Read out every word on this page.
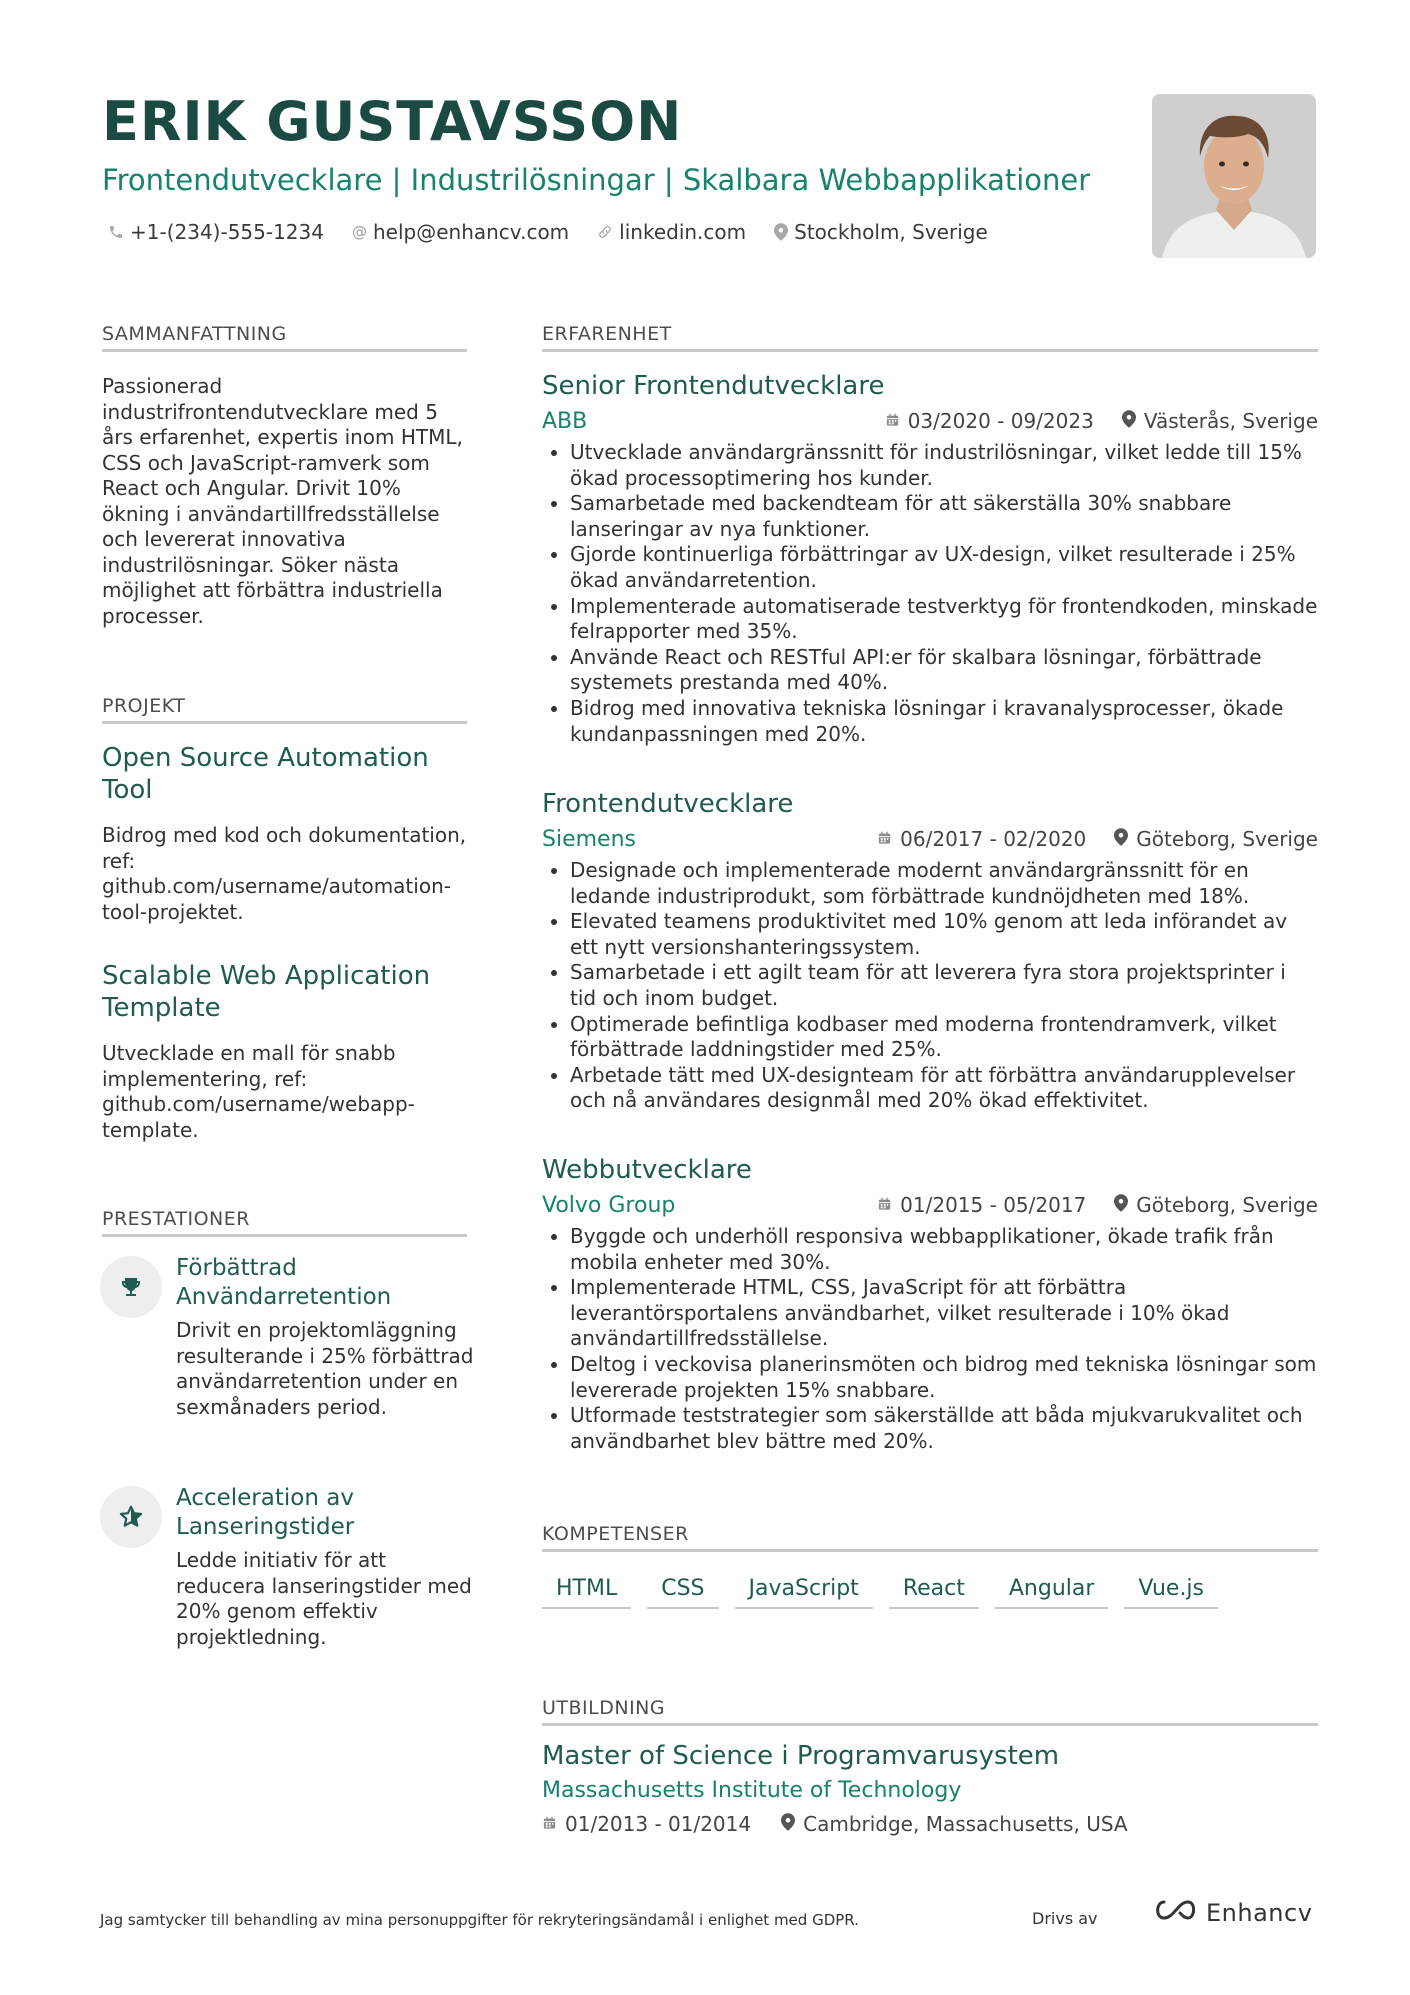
ERIK GUSTAVSSON
Frontendutvecklare | Industrilösningar | Skalbara Webbapplikationer
+1-(234)-555-1234 @ help@enhancv.com	linkedin.com Stockholm, Sverige
SAMMANFATTNING
Passionerad industrifrontendutvecklare med 5 års erfarenhet, expertis inom HTML, CSS och JavaScript-ramverk som React och Angular. Drivit 10% ökning i användartillfredsställelse och levererat innovativa industrilösningar. Söker nästa möjlighet att förbättra industriella processer.
PROJEKT
Open Source Automation Tool
Bidrog med kod och dokumentation, ref: github.com/username/automation-tool-projektet.
Scalable Web Application Template
Utvecklade en mall för snabb implementering, ref: github.com/username/webapp-template.
PRESTATIONER
Förbättrad Användarretention
Drivit en projektomläggning resulterande i 25% förbättrad användarretention under en sexmånaders period.
Acceleration av Lanseringstider
Ledde initiativ för att reducera lanseringstider med 20% genom effektiv projektledning.
ERFARENHET
Senior Frontendutvecklare
ABB	03/2020 - 09/2023	Västerås, Sverige
• Utvecklade användargränssnitt för industrilösningar, vilket ledde till 15% ökad processoptimering hos kunder.
• Samarbetade med backendteam för att säkerställa 30% snabbare lanseringar av nya funktioner.
• Gjorde kontinuerliga förbättringar av UX-design, vilket resulterade i 25% ökad användarretention.
• Implementerade automatiserade testverktyg för frontendkoden, minskade felrapporter med 35%.
• Använde React och RESTful API:er för skalbara lösningar, förbättrade systemets prestanda med 40%.
• Bidrog med innovativa tekniska lösningar i kravanalysprocesser, ökade kundanpassningen med 20%.
Frontendutvecklare
Siemens	06/2017 - 02/2020	Göteborg, Sverige
• Designade och implementerade modernt användargränssnitt för en ledande industriprodukt, som förbättrade kundnöjdheten med 18%.
• Elevated teamens produktivitet med 10% genom att leda införandet av ett nytt versionshanteringssystem.
• Samarbetade i ett agilt team för att leverera fyra stora projektsprinter i tid och inom budget.
• Optimerade befintliga kodbaser med moderna frontendramverk, vilket förbättrade laddningstider med 25%.
• Arbetade tätt med UX-designteam för att förbättra användarupplevelser och nå användares designmål med 20% ökad effektivitet.
Webbutvecklare
Volvo Group	01/2015 - 05/2017	Göteborg, Sverige
• Byggde och underhöll responsiva webbapplikationer, ökade trafik från mobila enheter med 30%.
• Implementerade HTML, CSS, JavaScript för att förbättra leverantörsportalens användbarhet, vilket resulterade i 10% ökad användartillfredsställelse.
• Deltog i veckovisa planerinsmöten och bidrog med tekniska lösningar som levererade projekten 15% snabbare.
• Utformade teststrategier som säkerställde att båda mjukvarukvalitet och användbarhet blev bättre med 20%.
KOMPETENSER
HTML	CSS	JavaScript	React	Angular	Vue.js
UTBILDNING
Master of Science i Programvarusystem
Massachusetts Institute of Technology
01/2013 - 01/2014	Cambridge, Massachusetts, USA
Jag samtycker till behandling av mina personuppgifter för rekryteringsändamål i enlighet med GDPR.	Drivs av	Enhancv
